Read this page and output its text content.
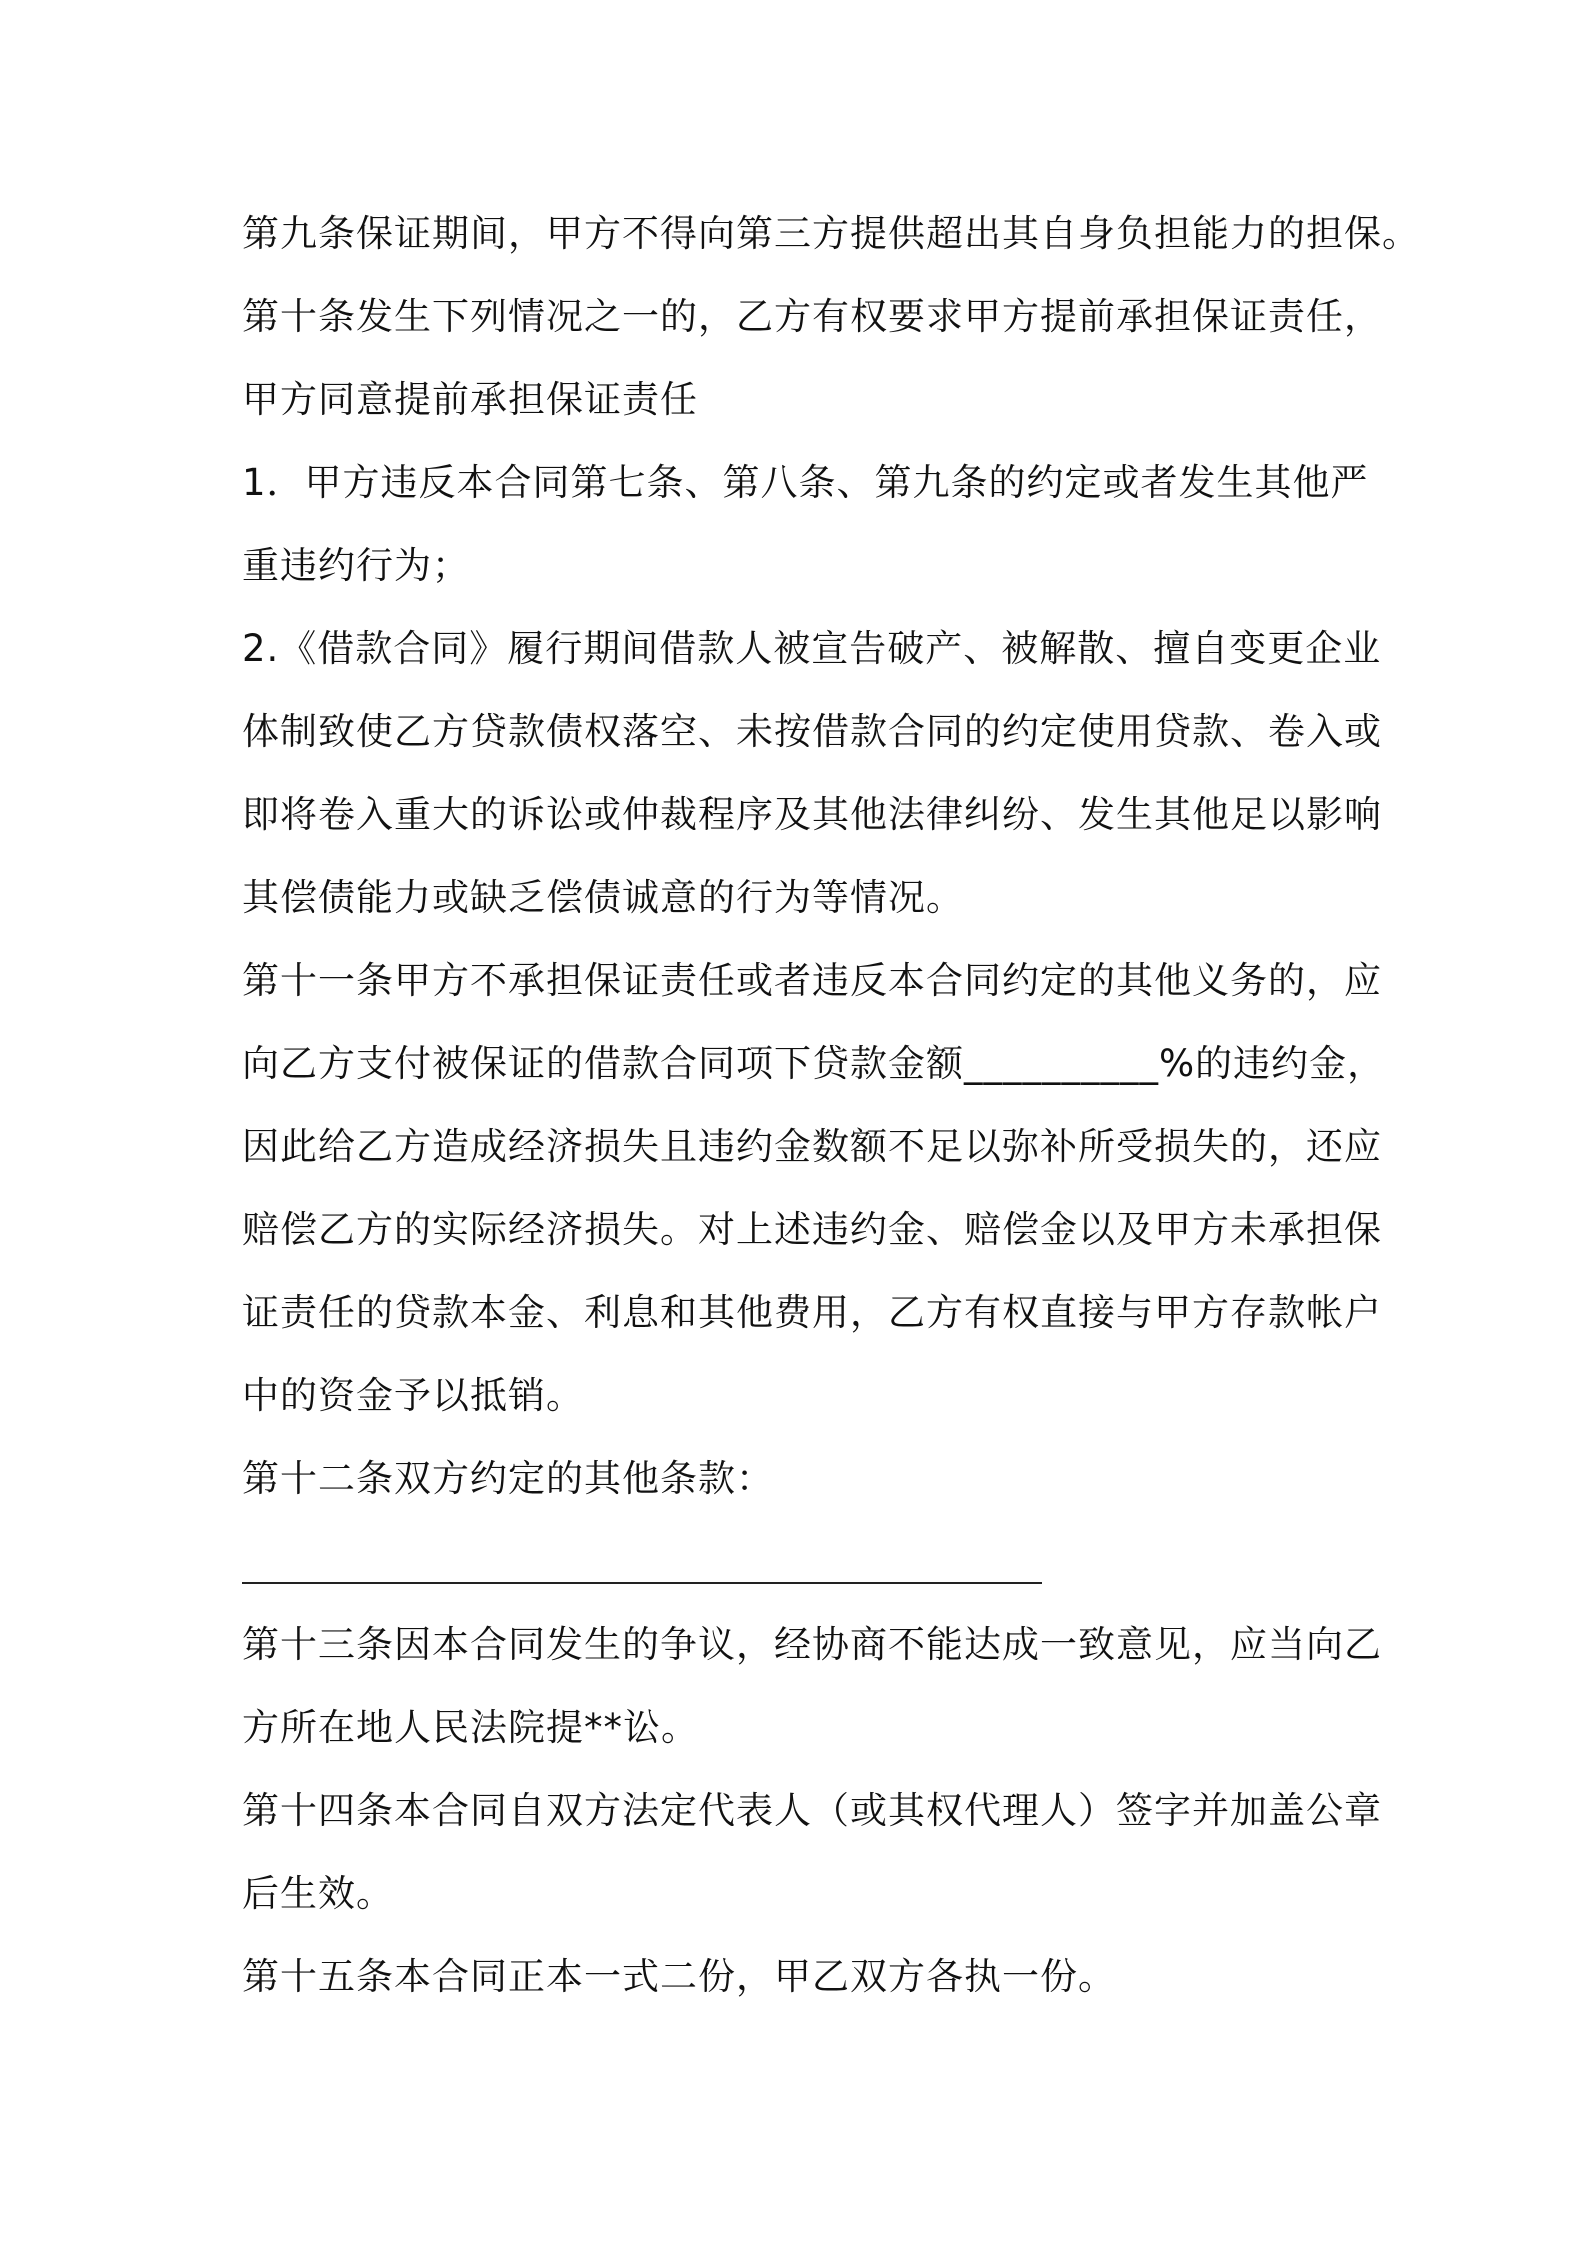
第九条保证期间，甲方不得向第三方提供超出其自身负担能力的担保。
第十条发生下列情况之一的，乙方有权要求甲方提前承担保证责任，
甲方同意提前承担保证责任
1．甲方违反本合同第七条、第八条、第九条的约定或者发生其他严
重违约行为；
2.《借款合同》履行期间借款人被宣告破产、被解散、擅自变更企业
体制致使乙方贷款债权落空、未按借款合同的约定使用贷款、卷入或
即将卷入重大的诉讼或仲裁程序及其他法律纠纷、发生其他足以影响
其偿债能力或缺乏偿债诚意的行为等情况。
第十一条甲方不承担保证责任或者违反本合同约定的其他义务的，应
向乙方支付被保证的借款合同项下贷款金额__________%的违约金，
因此给乙方造成经济损失且违约金数额不足以弥补所受损失的，还应
赔偿乙方的实际经济损失。对上述违约金、赔偿金以及甲方未承担保
证责任的贷款本金、利息和其他费用，乙方有权直接与甲方存款帐户
中的资金予以抵销。
第十二条双方约定的其他条款：
第十三条因本合同发生的争议，经协商不能达成一致意见，应当向乙
方所在地人民法院提**讼。
第十四条本合同自双方法定代表人（或其权代理人）签字并加盖公章
后生效。
第十五条本合同正本一式二份，甲乙双方各执一份。
